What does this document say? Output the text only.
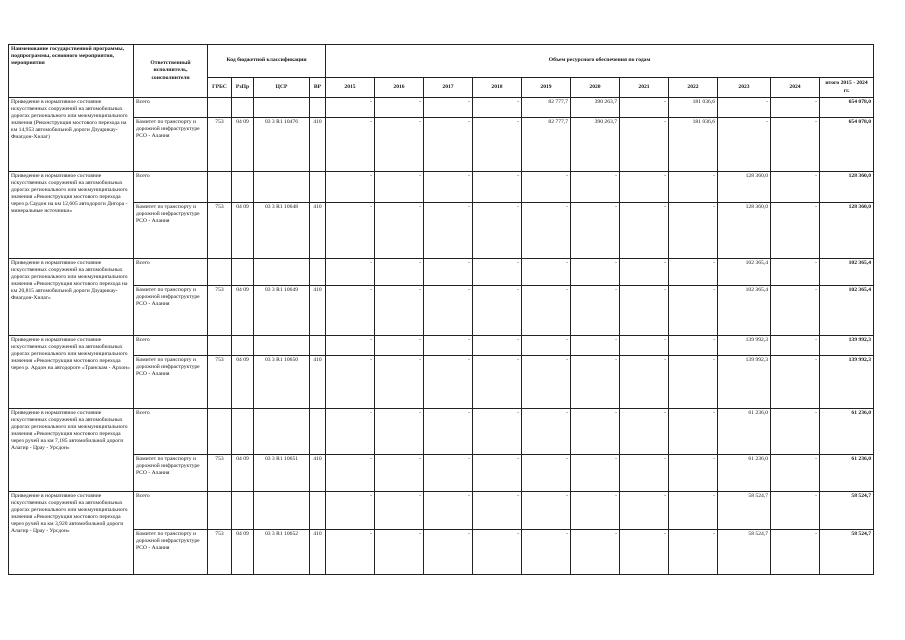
Наименование государственной программы, подпрограммы, основного мероприятия, мероприятия	Ответственный исполнитель, соисполнители	Код бюджетной классификации				Объем ресурсного обеспечения по годам										
		ГРБС	РзПр	ЦСР	ВР	2015	2016	2017	2018	2019	2020	2021	2022	2023	2024	итого 2015 - 2024 гг.
Приведение в нормативное состояние искусственных сооружений на автомобильных дорогах регионального или межмуниципального значения (Реконструкция мостового перехода на км 14,953 автомобильной дороги Дзуарикау-Фиагдон-Хилаг)	Всего					-	-	-	-	82 777,7	390 263,7	-	181 036,6	-	-	654 078,0
	Комитет по транспорту и дорожной инфраструктуре РСО - Алания	753	04 09	03 3 R1 10476	410	-	-	-	-	82 777,7	390 263,7	-	181 036,6	-	-	654 078,0
Приведение в нормативное состояние искусственных сооружений на автомобильных дорогах регионального или межмуниципального значения «Реконструкция мостового перехода через р.Саудон на км 12,605 автодороги Дигора - минеральные источники»	Всего					-	-	-	-	-	-	-	-	128 360,0	-	128 360,0
	Комитет по транспорту и дорожной инфраструктуре РСО - Алания	753	04 09	03 3 R1 10648	410	-	-	-	-	-	-	-	-	128 360,0	-	128 360,0
Приведение в нормативное состояние искусственных сооружений на автомобильных дорогах регионального или межмуниципального значения «Реконструкция мостового перехода на км 20,815 автомобильной дороги Дзуарикау-Фиагдон-Хилаг»	Всего					-	-	-	-	-	-	-	-	102 365,4	-	102 365,4
	Комитет по транспорту и дорожной инфраструктуре РСО - Алания	753	04 09	03 3 R1 10649	410	-	-	-	-	-	-	-	-	102 365,4	-	102 365,4
Приведение в нормативное состояние искусственных сооружений на автомобильных дорогах регионального или межмуниципального значения «Реконструкция мостового перехода через р. Ардон на автодороге «Транскам - Архон»	Всего					-	-	-	-	-	-	-	-	139 992,3	-	139 992,3
	Комитет по транспорту и дорожной инфраструктуре РСО - Алания	753	04 09	03 3 R1 10650	410	-	-	-	-	-	-	-	-	139 992,3	-	139 992,3
Приведение в нормативное состояние искусственных сооружений на автомобильных дорогах регионального или межмуниципального значения «Реконструкция мостового перехода через ручей на км 7,185 автомобильной дороги Алагир - Црау - Урсдон»	Всего					-	-	-	-	-	-	-	-	61 236,0	-	61 236,0
	Комитет по транспорту и дорожной инфраструктуре РСО - Алания	753	04 09	03 3 R1 10651	410	-	-	-	-	-	-	-	-	61 236,0	-	61 236,0
Приведение в нормативное состояние искусственных сооружений на автомобильных дорогах регионального или межмуниципального значения «Реконструкция мостового перехода через ручей на км 3,920 автомобильной дороги Алагир - Црау - Урсдон»	Всего					-	-	-	-	-	-	-	-	58 524,7	-	58 524,7
	Комитет по транспорту и дорожной инфраструктуре РСО - Алания	753	04 09	03 3 R1 10652	410	-	-	-	-	-	-	-	-	58 524,7	-	58 524,7
